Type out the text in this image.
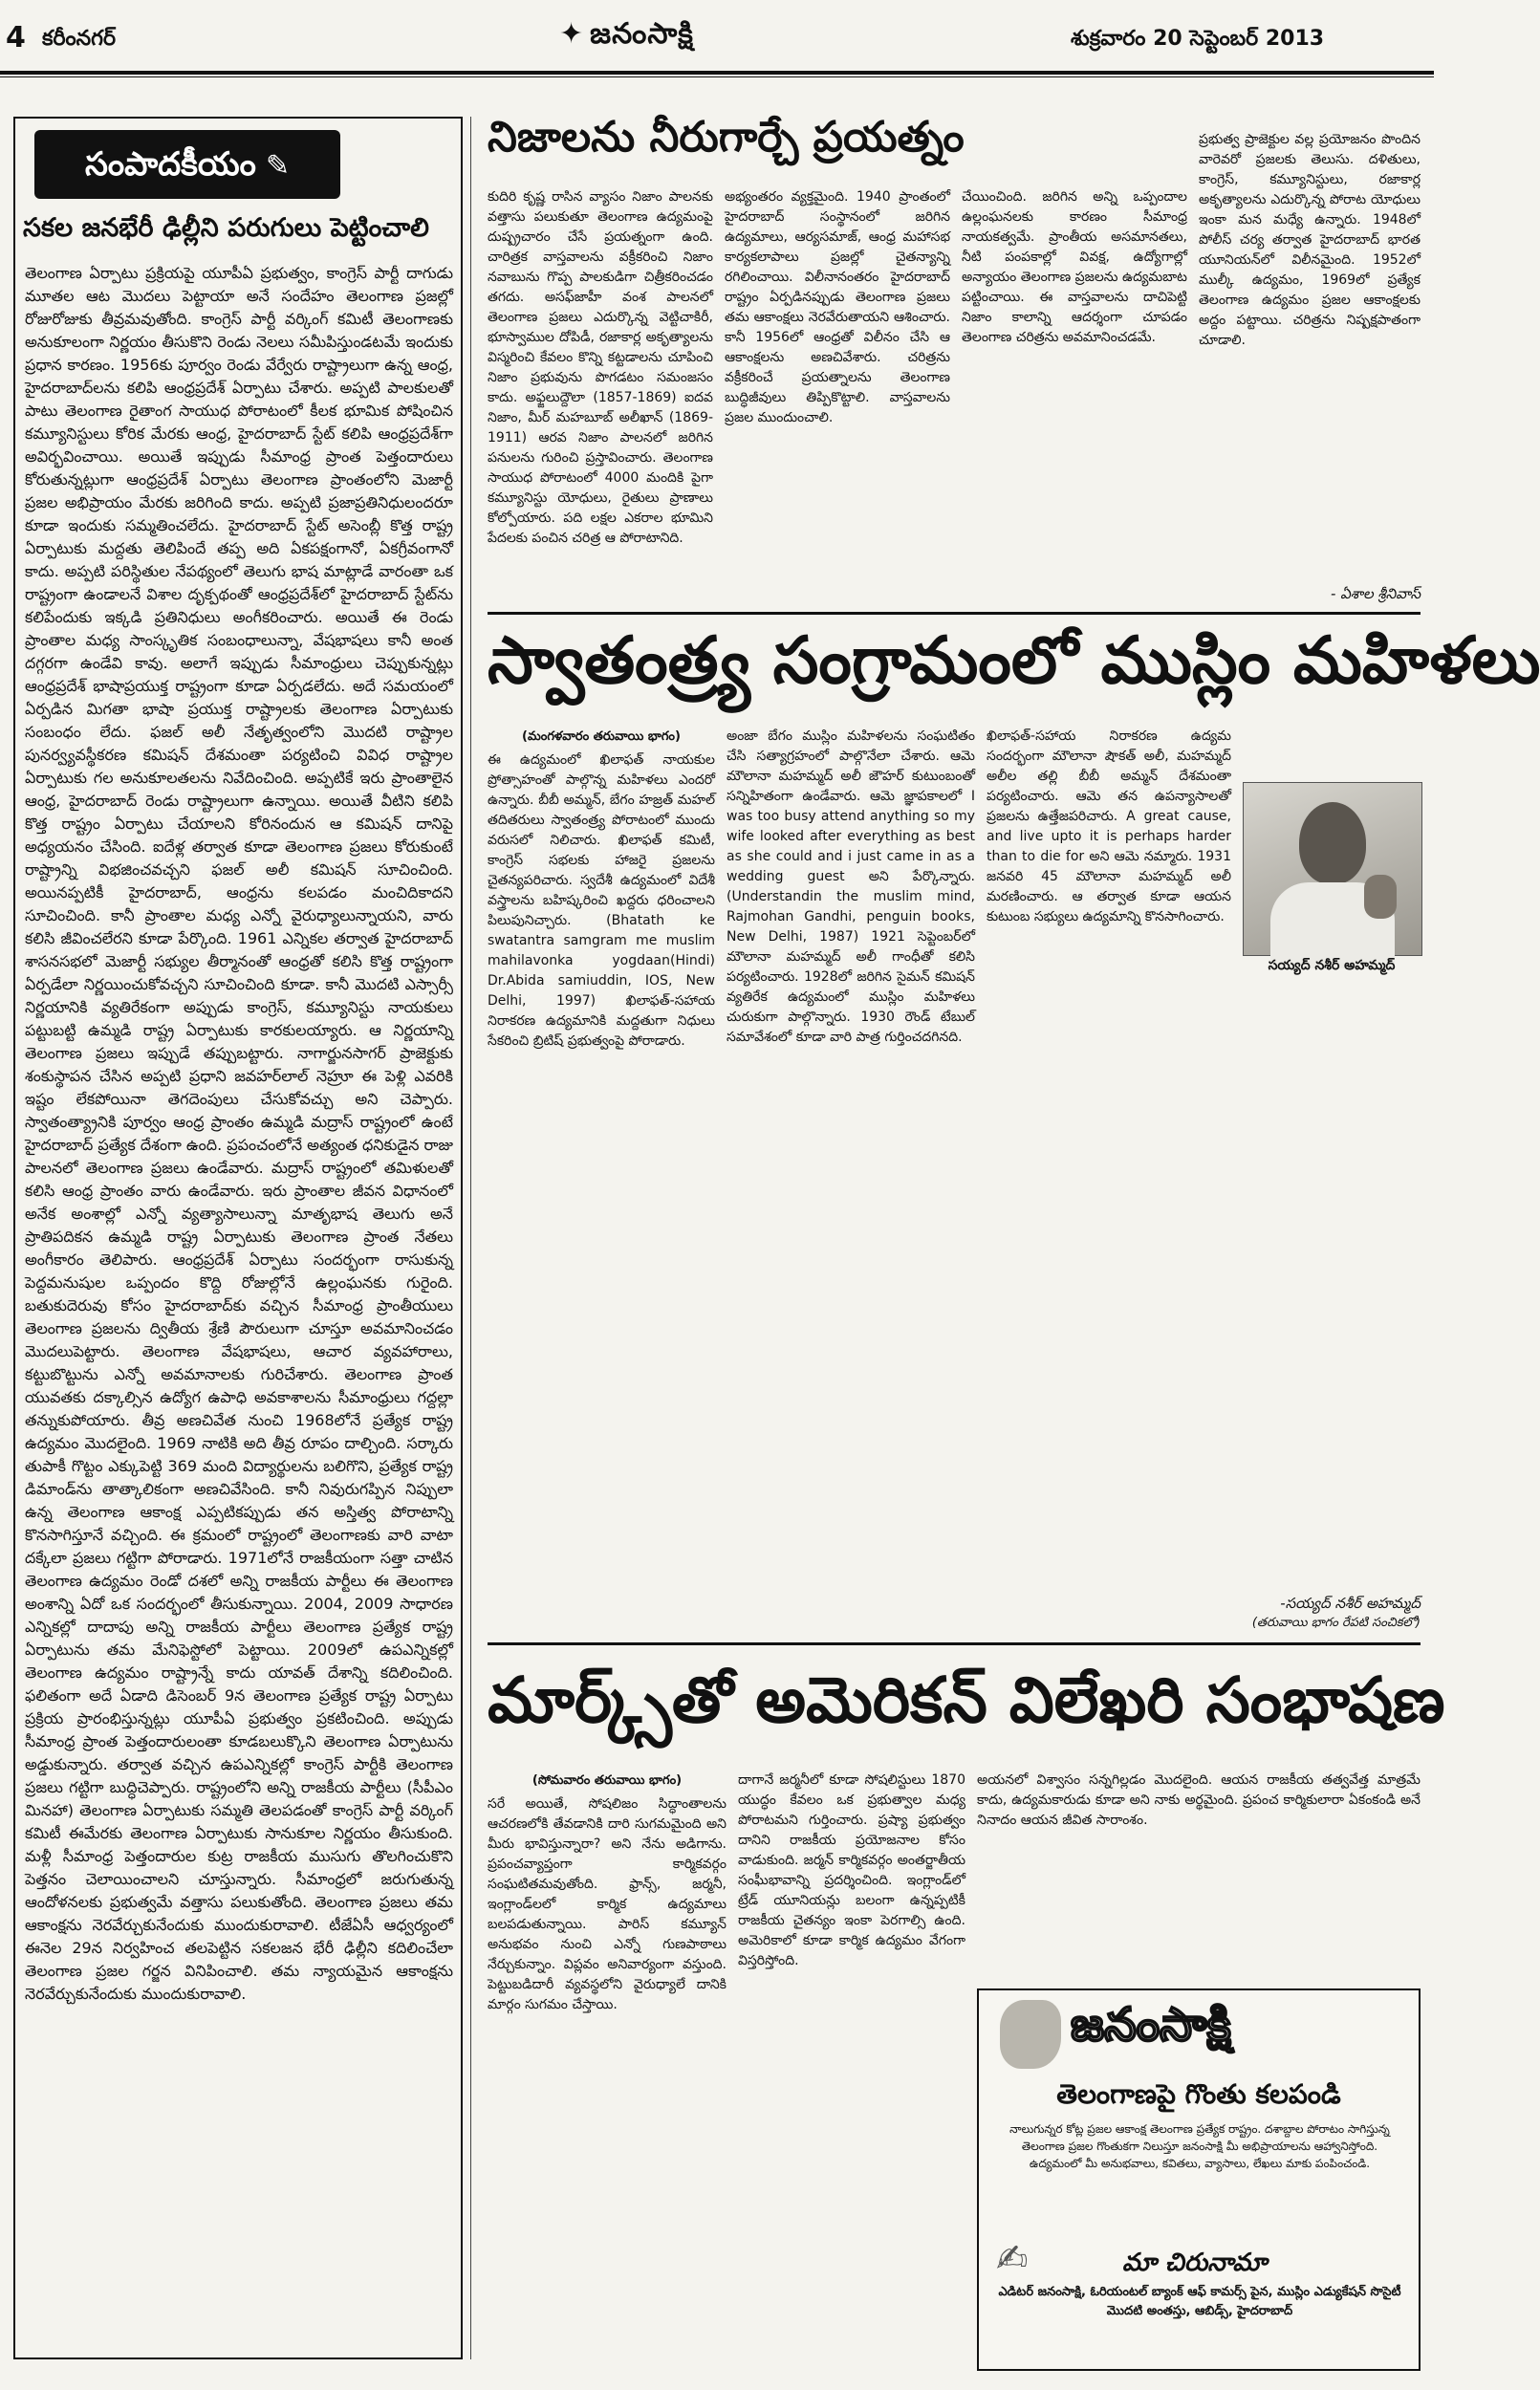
4 కరీంనగర్	✦ జనంసాక్షి	శుక్రవారం 20 సెప్టెంబర్ 2013
సంపాదకీయం ✎
సకల జనభేరీ ఢిల్లీని పరుగులు పెట్టించాలి
తెలంగాణ ఏర్పాటు ప్రక్రియపై యూపీఏ ప్రభుత్వం, కాంగ్రెస్‌ పార్టీ దాగుడు మూతల ఆట మొదలు పెట్టాయా అనే సందేహం తెలంగాణ ప్రజల్లో రోజురోజుకు తీవ్రమవుతోంది. కాంగ్రెస్‌ పార్టీ వర్కింగ్‌ కమిటీ తెలంగాణకు అనుకూలంగా నిర్ణయం తీసుకొని రెండు నెలలు సమీపిస్తుండటమే ఇందుకు ప్రధాన కారణం. 1956కు పూర్వం రెండు వేర్వేరు రాష్ట్రాలుగా ఉన్న ఆంధ్ర, హైదరాబాద్‌లను కలిపి ఆంధ్రప్రదేశ్‌ ఏర్పాటు చేశారు. అప్పటి పాలకులతో పాటు తెలంగాణ రైతాంగ సాయుధ పోరాటంలో కీలక భూమిక పోషించిన కమ్యూనిస్టులు కోరిక మేరకు ఆంధ్ర, హైదరాబాద్‌ స్టేట్‌ కలిపి ఆంధ్రప్రదేశ్‌గా అవిర్భవించాయి. అయితే ఇప్పుడు సీమాంధ్ర ప్రాంత పెత్తందారులు కోరుతున్నట్లుగా ఆంధ్రప్రదేశ్‌ ఏర్పాటు తెలంగాణ ప్రాంతంలోని మెజార్టీ ప్రజల అభిప్రాయం మేరకు జరిగింది కాదు. అప్పటి ప్రజాప్రతినిధులందరూ కూడా ఇందుకు సమ్మతించలేదు. హైదరాబాద్‌ స్టేట్‌ అసెంబ్లీ కొత్త రాష్ట్ర ఏర్పాటుకు మద్దతు తెలిపిందే తప్ప అది ఏకపక్షంగానో, ఏకగ్రీవంగానో కాదు. అప్పటి పరిస్థితుల నేపథ్యంలో తెలుగు భాష మాట్లాడే వారంతా ఒక రాష్ట్రంగా ఉండాలనే విశాల దృక్పథంతో ఆంధ్రప్రదేశ్‌లో హైదరాబాద్‌ స్టేట్‌ను కలిపేందుకు ఇక్కడి ప్రతినిధులు అంగీకరించారు. అయితే ఈ రెండు ప్రాంతాల మధ్య సాంస్కృతిక సంబంధాలున్నా, వేషభాషలు కానీ అంత దగ్గరగా ఉండేవి కావు. అలాగే ఇప్పుడు సీమాంధ్రులు చెప్పుకున్నట్లు ఆంధ్రప్రదేశ్‌ భాషాప్రయుక్త రాష్ట్రంగా కూడా ఏర్పడలేదు. అదే సమయంలో ఏర్పడిన మిగతా భాషా ప్రయుక్త రాష్ట్రాలకు తెలంగాణ ఏర్పాటుకు సంబంధం లేదు. ఫజల్‌ అలీ నేతృత్వంలోని మొదటి రాష్ట్రాల పునర్వ్యవస్థీకరణ కమిషన్‌ దేశమంతా పర్యటించి వివిధ రాష్ట్రాల ఏర్పాటుకు గల అనుకూలతలను నివేదించింది. అప్పటికే ఇరు ప్రాంతాలైన ఆంధ్ర, హైదరాబాద్‌ రెండు రాష్ట్రాలుగా ఉన్నాయి. అయితే వీటిని కలిపి కొత్త రాష్ట్రం ఏర్పాటు చేయాలని కోరినందున ఆ కమిషన్‌ దానిపై అధ్యయనం చేసింది. ఐదేళ్ల తర్వాత కూడా తెలంగాణ ప్రజలు కోరుకుంటే రాష్ట్రాన్ని విభజించవచ్చని ఫజల్‌ అలీ కమిషన్‌ సూచించింది. అయినప్పటికీ హైదరాబాద్‌, ఆంధ్రను కలపడం మంచిదికాదని సూచించింది. కానీ ప్రాంతాల మధ్య ఎన్నో వైరుధ్యాలున్నాయని, వారు కలిసి జీవించలేరని కూడా పేర్కొంది. 1961 ఎన్నికల తర్వాత హైదరాబాద్‌ శాసనసభలో మెజార్టీ సభ్యుల తీర్మానంతో ఆంధ్రతో కలిసి కొత్త రాష్ట్రంగా ఏర్పడేలా నిర్ణయించుకోవచ్చని సూచించింది కూడా. కానీ మొదటి ఎస్సార్సీ నిర్ణయానికి వ్యతిరేకంగా అప్పుడు కాంగ్రెస్‌, కమ్యూనిస్టు నాయకులు పట్టుబట్టి ఉమ్మడి రాష్ట్ర ఏర్పాటుకు కారకులయ్యారు. ఆ నిర్ణయాన్ని తెలంగాణ ప్రజలు ఇప్పుడే తప్పుబట్టారు. నాగార్జునసాగర్‌ ప్రాజెక్టుకు శంకుస్థాపన చేసిన అప్పటి ప్రధాని జవహర్‌లాల్‌ నెహ్రూ ఈ పెళ్లి ఎవరికి ఇష్టం లేకపోయినా తెగదెంపులు చేసుకోవచ్చు అని చెప్పారు. స్వాతంత్య్రానికి పూర్వం ఆంధ్ర ప్రాంతం ఉమ్మడి మద్రాస్‌ రాష్ట్రంలో ఉంటే హైదరాబాద్‌ ప్రత్యేక దేశంగా ఉంది. ప్రపంచంలోనే అత్యంత ధనికుడైన రాజు పాలనలో తెలంగాణ ప్రజలు ఉండేవారు. మద్రాస్‌ రాష్ట్రంలో తమిళులతో కలిసి ఆంధ్ర ప్రాంతం వారు ఉండేవారు. ఇరు ప్రాంతాల జీవన విధానంలో అనేక అంశాల్లో ఎన్నో వ్యత్యాసాలున్నా మాతృభాష తెలుగు అనే ప్రాతిపదికన ఉమ్మడి రాష్ట్ర ఏర్పాటుకు తెలంగాణ ప్రాంత నేతలు అంగీకారం తెలిపారు. ఆంధ్రప్రదేశ్‌ ఏర్పాటు సందర్భంగా రాసుకున్న పెద్దమనుషుల ఒప్పందం కొద్ది రోజుల్లోనే ఉల్లంఘనకు గురైంది. బతుకుదెరువు కోసం హైదరాబాద్‌కు వచ్చిన సీమాంధ్ర ప్రాంతీయులు తెలంగాణ ప్రజలను ద్వితీయ శ్రేణి పౌరులుగా చూస్తూ అవమానించడం మొదలుపెట్టారు. తెలంగాణ వేషభాషలు, ఆచార వ్యవహారాలు, కట్టుబొట్టును ఎన్నో అవమానాలకు గురిచేశారు. తెలంగాణ ప్రాంత యువతకు దక్కాల్సిన ఉద్యోగ ఉపాధి అవకాశాలను సీమాంధ్రులు గద్దల్లా తన్నుకుపోయారు. తీవ్ర అణచివేత నుంచి 1968లోనే ప్రత్యేక రాష్ట్ర ఉద్యమం మొదలైంది. 1969 నాటికి అది తీవ్ర రూపం దాల్చింది. సర్కారు తుపాకీ గొట్టం ఎక్కుపెట్టి 369 మంది విద్యార్థులను బలిగొని, ప్రత్యేక రాష్ట్ర డిమాండ్‌ను తాత్కాలికంగా అణచివేసింది. కానీ నివురుగప్పిన నిప్పులా ఉన్న తెలంగాణ ఆకాంక్ష ఎప్పటికప్పుడు తన అస్తిత్వ పోరాటాన్ని కొనసాగిస్తూనే వచ్చింది. ఈ క్రమంలో రాష్ట్రంలో తెలంగాణకు వారి వాటా దక్కేలా ప్రజలు గట్టిగా పోరాడారు. 1971లోనే రాజకీయంగా సత్తా చాటిన తెలంగాణ ఉద్యమం రెండో దశలో అన్ని రాజకీయ పార్టీలు ఈ తెలంగాణ అంశాన్ని ఏదో ఒక సందర్భంలో తీసుకున్నాయి. 2004, 2009 సాధారణ ఎన్నికల్లో దాదాపు అన్ని రాజకీయ పార్టీలు తెలంగాణ ప్రత్యేక రాష్ట్ర ఏర్పాటును తమ మేనిఫెస్టోలో పెట్టాయి. 2009లో ఉపఎన్నికల్లో తెలంగాణ ఉద్యమం రాష్ట్రాన్నే కాదు యావత్‌ దేశాన్ని కదిలించింది. ఫలితంగా అదే ఏడాది డిసెంబర్‌ 9న తెలంగాణ ప్రత్యేక రాష్ట్ర ఏర్పాటు ప్రక్రియ ప్రారంభిస్తున్నట్లు యూపీఏ ప్రభుత్వం ప్రకటించింది. అప్పుడు సీమాంధ్ర ప్రాంత పెత్తందారులంతా కూడబలుక్కొని తెలంగాణ ఏర్పాటును అడ్డుకున్నారు. తర్వాత వచ్చిన ఉపఎన్నికల్లో కాంగ్రెస్‌ పార్టీకి తెలంగాణ ప్రజలు గట్టిగా బుద్ధిచెప్పారు. రాష్ట్రంలోని అన్ని రాజకీయ పార్టీలు (సీపీఎం మినహా) తెలంగాణ ఏర్పాటుకు సమ్మతి తెలపడంతో కాంగ్రెస్‌ పార్టీ వర్కింగ్‌ కమిటీ ఈమేరకు తెలంగాణ ఏర్పాటుకు సానుకూల నిర్ణయం తీసుకుంది. మళ్లీ సీమాంధ్ర పెత్తందారుల కుట్ర రాజకీయ ముసుగు తొలగించుకొని పెత్తనం చెలాయించాలని చూస్తున్నారు. సీమాంధ్రలో జరుగుతున్న ఆందోళనలకు ప్రభుత్వమే వత్తాసు పలుకుతోంది. తెలంగాణ ప్రజలు తమ ఆకాంక్షను నెరవేర్చుకునేందుకు ముందుకురావాలి. టీజేఏసీ ఆధ్వర్యంలో ఈనెల 29న నిర్వహించ తలపెట్టిన సకలజన భేరీ ఢిల్లీని కదిలించేలా తెలంగాణ ప్రజల గర్జన వినిపించాలి. తమ న్యాయమైన ఆకాంక్షను నెరవేర్చుకునేందుకు ముందుకురావాలి.
నిజాలను నీరుగార్చే ప్రయత్నం
కుదిరి కృష్ణ రాసిన వ్యాసం నిజాం పాలనకు వత్తాసు పలుకుతూ తెలంగాణ ఉద్యమంపై దుష్ప్రచారం చేసే ప్రయత్నంగా ఉంది. చారిత్రక వాస్తవాలను వక్రీకరించి నిజాం నవాబును గొప్ప పాలకుడిగా చిత్రీకరించడం తగదు. అసఫ్‌జాహీ వంశ పాలనలో తెలంగాణ ప్రజలు ఎదుర్కొన్న వెట్టిచాకిరీ, భూస్వాముల దోపిడీ, రజాకార్ల అకృత్యాలను విస్మరించి కేవలం కొన్ని కట్టడాలను చూపించి నిజాం ప్రభువును పొగడటం సమంజసం కాదు. అఫ్జలుద్దౌలా (1857-1869) ఐదవ నిజాం, మీర్‌ మహబూబ్‌ అలీఖాన్‌ (1869-1911) ఆరవ నిజాం పాలనలో జరిగిన పనులను గురించి ప్రస్తావించారు. తెలంగాణ సాయుధ పోరాటంలో 4000 మందికి పైగా కమ్యూనిస్టు యోధులు, రైతులు ప్రాణాలు కోల్పోయారు. పది లక్షల ఎకరాల భూమిని పేదలకు పంచిన చరిత్ర ఆ పోరాటానిది.
అభ్యంతరం వ్యక్తమైంది. 1940 ప్రాంతంలో హైదరాబాద్‌ సంస్థానంలో జరిగిన ఉద్యమాలు, ఆర్యసమాజ్‌, ఆంధ్ర మహాసభ కార్యకలాపాలు ప్రజల్లో చైతన్యాన్ని రగిలించాయి. విలీనానంతరం హైదరాబాద్‌ రాష్ట్రం ఏర్పడినప్పుడు తెలంగాణ ప్రజలు తమ ఆకాంక్షలు నెరవేరుతాయని ఆశించారు. కానీ 1956లో ఆంధ్రతో విలీనం చేసి ఆ ఆకాంక్షలను అణచివేశారు. చరిత్రను వక్రీకరించే ప్రయత్నాలను తెలంగాణ బుద్ధిజీవులు తిప్పికొట్టాలి. వాస్తవాలను ప్రజల ముందుంచాలి.
చేయించింది. జరిగిన అన్ని ఒప్పందాల ఉల్లంఘనలకు కారణం సీమాంధ్ర నాయకత్వమే. ప్రాంతీయ అసమానతలు, నీటి పంపకాల్లో వివక్ష, ఉద్యోగాల్లో అన్యాయం తెలంగాణ ప్రజలను ఉద్యమబాట పట్టించాయి. ఈ వాస్తవాలను దాచిపెట్టి నిజాం కాలాన్ని ఆదర్శంగా చూపడం తెలంగాణ చరిత్రను అవమానించడమే.
ప్రభుత్వ ప్రాజెక్టుల వల్ల ప్రయోజనం పొందిన వారెవరో ప్రజలకు తెలుసు. దళితులు, కాంగ్రెస్‌, కమ్యూనిస్టులు, రజాకార్ల అకృత్యాలను ఎదుర్కొన్న పోరాట యోధులు ఇంకా మన మధ్యే ఉన్నారు. 1948లో పోలీస్‌ చర్య తర్వాత హైదరాబాద్‌ భారత యూనియన్‌లో విలీనమైంది. 1952లో ముల్కీ ఉద్యమం, 1969లో ప్రత్యేక తెలంగాణ ఉద్యమం ప్రజల ఆకాంక్షలకు అద్దం పట్టాయి. చరిత్రను నిష్పక్షపాతంగా చూడాలి.
- ఏశాల శ్రీనివాస్‌
స్వాతంత్ర్య సంగ్రామంలో ముస్లిం మహిళలు
(మంగళవారం తరువాయి భాగం)
ఈ ఉద్యమంలో ఖిలాఫత్‌ నాయకుల ప్రోత్సాహంతో పాల్గొన్న మహిళలు ఎందరో ఉన్నారు. బీబీ అమ్మన్‌, బేగం హజ్రత్‌ మహల్‌ తదితరులు స్వాతంత్ర్య పోరాటంలో ముందు వరుసలో నిలిచారు. ఖిలాఫత్‌ కమిటీ, కాంగ్రెస్‌ సభలకు హాజరై ప్రజలను చైతన్యపరిచారు. స్వదేశీ ఉద్యమంలో విదేశీ వస్త్రాలను బహిష్కరించి ఖద్దరు ధరించాలని పిలుపునిచ్చారు. (Bhatath ke swatantra samgram me muslim mahilavonka yogdaan(Hindi) Dr.Abida samiuddin, IOS, New Delhi, 1997) ఖిలాఫత్‌-సహాయ నిరాకరణ ఉద్యమానికి మద్దతుగా నిధులు సేకరించి బ్రిటిష్‌ ప్రభుత్వంపై పోరాడారు.
అంజా బేగం ముస్లిం మహిళలను సంఘటితం చేసి సత్యాగ్రహంలో పాల్గొనేలా చేశారు. ఆమె మౌలానా మహమ్మద్‌ అలీ జౌహర్‌ కుటుంబంతో సన్నిహితంగా ఉండేవారు. ఆమె జ్ఞాపకాలలో I was too busy attend anything so my wife looked after everything as best as she could and i just came in as a wedding guest అని పేర్కొన్నారు. (Understandin the muslim mind, Rajmohan Gandhi, penguin books, New Delhi, 1987) 1921 సెప్టెంబర్‌లో మౌలానా మహమ్మద్‌ అలీ గాంధీతో కలిసి పర్యటించారు. 1928లో జరిగిన సైమన్‌ కమిషన్‌ వ్యతిరేక ఉద్యమంలో ముస్లిం మహిళలు చురుకుగా పాల్గొన్నారు. 1930 రౌండ్‌ టేబుల్‌ సమావేశంలో కూడా వారి పాత్ర గుర్తించదగినది.
ఖిలాఫత్‌-సహాయ నిరాకరణ ఉద్యమ సందర్భంగా మౌలానా షౌకత్‌ అలీ, మహమ్మద్‌ అలీల తల్లి బీబీ అమ్మన్‌ దేశమంతా పర్యటించారు. ఆమె తన ఉపన్యాసాలతో ప్రజలను ఉత్తేజపరిచారు. A great cause, and live upto it is perhaps harder than to die for అని ఆమె నమ్మారు. 1931 జనవరి 45 మౌలానా మహమ్మద్‌ అలీ మరణించారు. ఆ తర్వాత కూడా ఆయన కుటుంబ సభ్యులు ఉద్యమాన్ని కొనసాగించారు.
సయ్యద్‌ నశీర్‌ అహమ్మద్‌
-సయ్యద్‌ నశీర్‌ అహమ్మద్‌
(తరువాయి భాగం రేపటి సంచికలో)
మార్క్స్‌తో అమెరికన్‌ విలేఖరి సంభాషణ
(సోమవారం తరువాయి భాగం)
సరే అయితే, సోషలిజం సిద్ధాంతాలను ఆచరణలోకి తేవడానికి దారి సుగమమైంది అని మీరు భావిస్తున్నారా? అని నేను అడిగాను. ప్రపంచవ్యాప్తంగా కార్మికవర్గం సంఘటితమవుతోంది. ఫ్రాన్స్‌, జర్మనీ, ఇంగ్లాండ్‌లలో కార్మిక ఉద్యమాలు బలపడుతున్నాయి. పారిస్‌ కమ్యూన్‌ అనుభవం నుంచి ఎన్నో గుణపాఠాలు నేర్చుకున్నాం. విప్లవం అనివార్యంగా వస్తుంది. పెట్టుబడిదారీ వ్యవస్థలోని వైరుధ్యాలే దానికి మార్గం సుగమం చేస్తాయి.
దాగానే జర్మనీలో కూడా సోషలిస్టులు 1870 యుద్ధం కేవలం ఒక ప్రభుత్వాల మధ్య పోరాటమని గుర్తించారు. ప్రష్యా ప్రభుత్వం దానిని రాజకీయ ప్రయోజనాల కోసం వాడుకుంది. జర్మన్‌ కార్మికవర్గం అంతర్జాతీయ సంఘీభావాన్ని ప్రదర్శించింది. ఇంగ్లాండ్‌లో ట్రేడ్‌ యూనియన్లు బలంగా ఉన్నప్పటికీ రాజకీయ చైతన్యం ఇంకా పెరగాల్సి ఉంది. అమెరికాలో కూడా కార్మిక ఉద్యమం వేగంగా విస్తరిస్తోంది.
అయనలో విశ్వాసం సన్నగిల్లడం మొదలైంది. ఆయన రాజకీయ తత్వవేత్త మాత్రమే కాదు, ఉద్యమకారుడు కూడా అని నాకు అర్థమైంది. ప్రపంచ కార్మికులారా ఏకంకండి అనే నినాదం ఆయన జీవిత సారాంశం.
జనంసాక్షి
తెలంగాణపై గొంతు కలపండి
నాలుగున్నర కోట్ల ప్రజల ఆకాంక్ష తెలంగాణ ప్రత్యేక రాష్ట్రం. దశాబ్దాల పోరాటం సాగిస్తున్న తెలంగాణ ప్రజల గొంతుకగా నిలుస్తూ జనంసాక్షి మీ అభిప్రాయాలను ఆహ్వానిస్తోంది. ఉద్యమంలో మీ అనుభవాలు, కవితలు, వ్యాసాలు, లేఖలు మాకు పంపించండి.
✍	మా చిరునామా
ఎడిటర్‌ జనంసాక్షి, ఓరియంటల్‌ బ్యాంక్‌ ఆఫ్‌ కామర్స్‌ పైన, ముస్లిం ఎడ్యుకేషన్‌ సొసైటీ మొదటి అంతస్తు, ఆబిడ్స్‌, హైదరాబాద్‌
